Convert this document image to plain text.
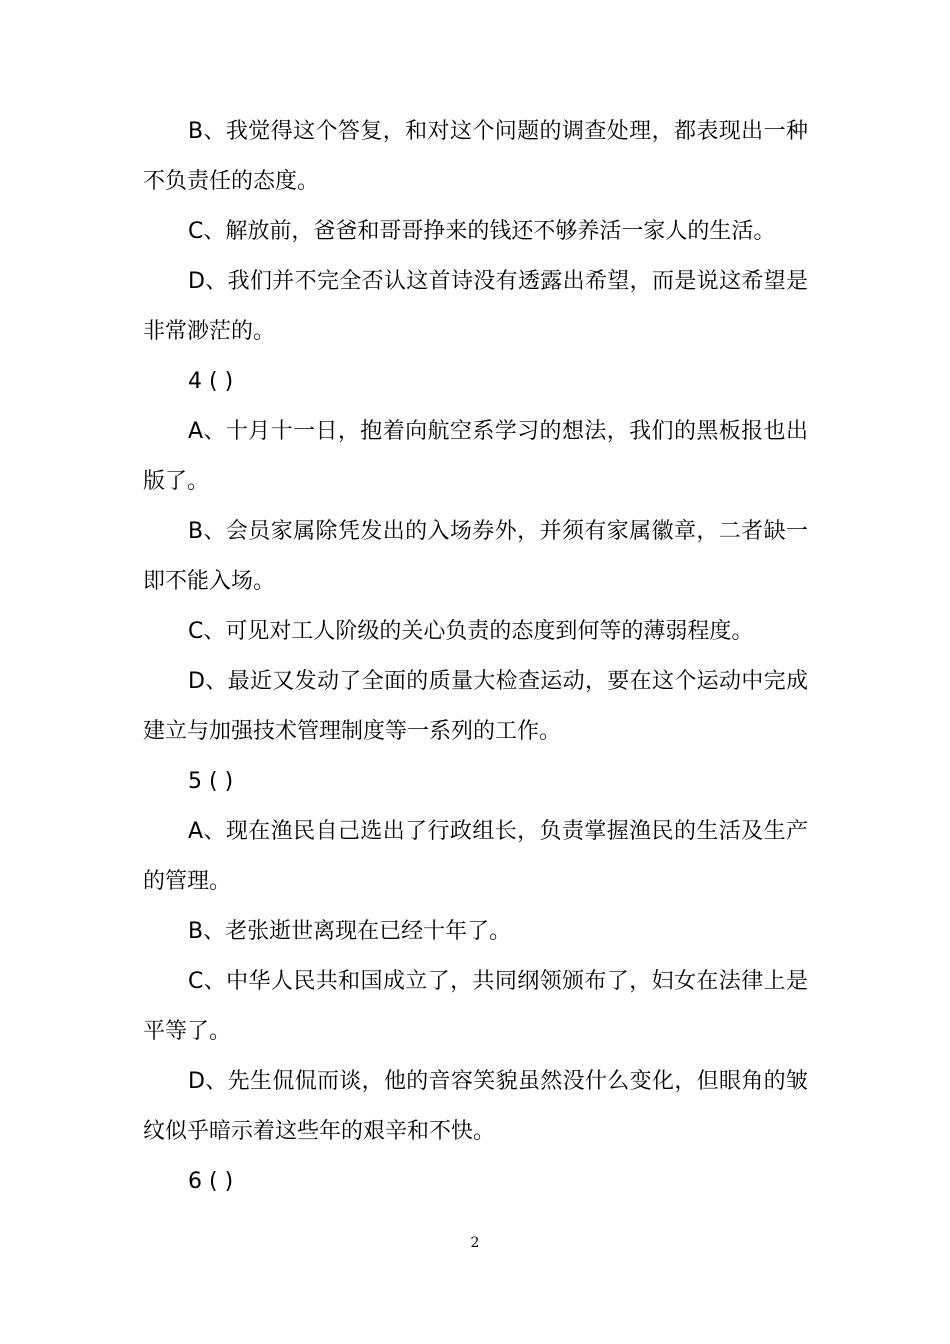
B、我觉得这个答复，和对这个问题的调查处理，都表现出一种不负责任的态度。

C、解放前，爸爸和哥哥挣来的钱还不够养活一家人的生活。

D、我们并不完全否认这首诗没有透露出希望，而是说这希望是非常渺茫的。

4 ( )

A、十月十一日，抱着向航空系学习的想法，我们的黑板报也出版了。

B、会员家属除凭发出的入场券外，并须有家属徽章，二者缺一即不能入场。

C、可见对工人阶级的关心负责的态度到何等的薄弱程度。

D、最近又发动了全面的质量大检查运动，要在这个运动中完成建立与加强技术管理制度等一系列的工作。

5 ( )

A、现在渔民自己选出了行政组长，负责掌握渔民的生活及生产的管理。

B、老张逝世离现在已经十年了。

C、中华人民共和国成立了，共同纲领颁布了，妇女在法律上是平等了。

D、先生侃侃而谈，他的音容笑貌虽然没什么变化，但眼角的皱纹似乎暗示着这些年的艰辛和不快。

6 ( )

2
